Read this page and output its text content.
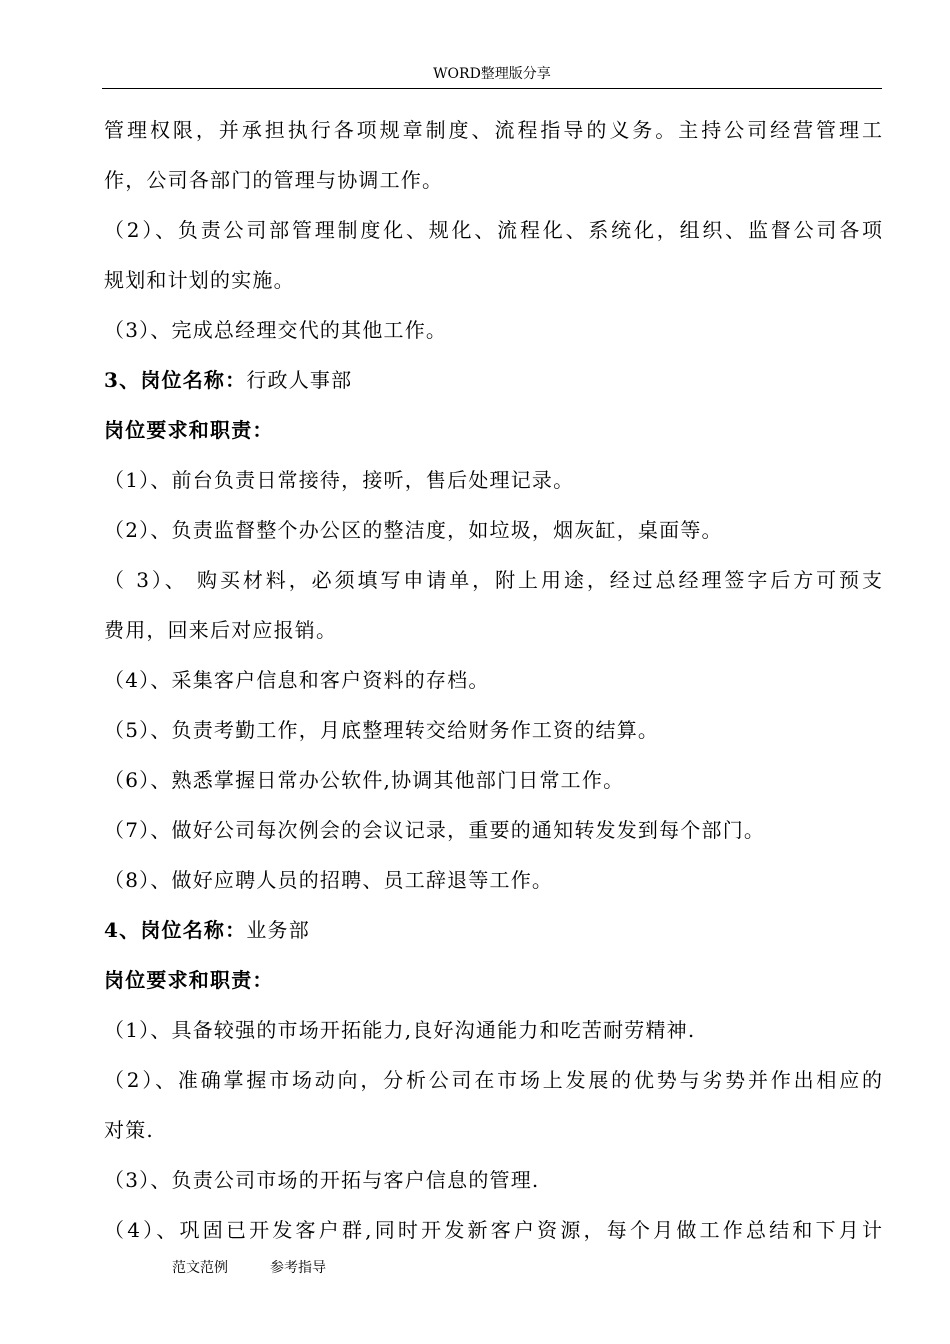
WORD整理版分享
管理权限，并承担执行各项规章制度、流程指导的义务。主持公司经营管理工
作，公司各部门的管理与协调工作。
（2）、负责公司部管理制度化、规化、流程化、系统化，组织、监督公司各项
规划和计划的实施。
（3）、完成总经理交代的其他工作。
3、岗位名称：行政人事部
岗位要求和职责：
（1）、前台负责日常接待，接听，售后处理记录。
（2）、负责监督整个办公区的整洁度，如垃圾，烟灰缸，桌面等。
（ 3）、 购买材料，必须填写申请单，附上用途，经过总经理签字后方可预支
费用，回来后对应报销。
（4）、采集客户信息和客户资料的存档。
（5）、负责考勤工作，月底整理转交给财务作工资的结算。
（6）、熟悉掌握日常办公软件,协调其他部门日常工作。
（7）、做好公司每次例会的会议记录，重要的通知转发发到每个部门。
（8）、做好应聘人员的招聘、员工辞退等工作。
4、岗位名称：业务部
岗位要求和职责：
（1）、具备较强的市场开拓能力,良好沟通能力和吃苦耐劳精神.
（2）、准确掌握市场动向，分析公司在市场上发展的优势与劣势并作出相应的
对策.
（3）、负责公司市场的开拓与客户信息的管理.
（4）、巩固已开发客户群,同时开发新客户资源，每个月做工作总结和下月计
范文范例	参考指导
